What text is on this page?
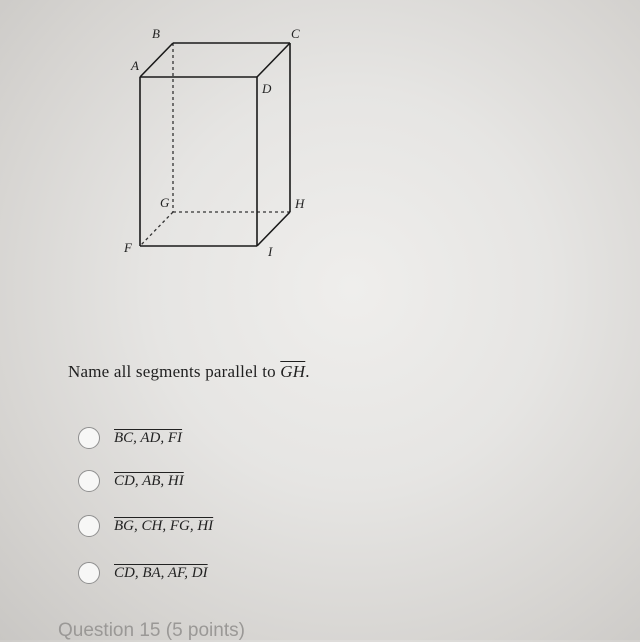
B	C
A
D
G	H
F	I
Name all segments parallel to $\overline{GH}$.
BC, AD, FI
CD, AB, HI
BG, CH, FG, HI
CD, BA, AF, DI
Question 15 (5 points)
